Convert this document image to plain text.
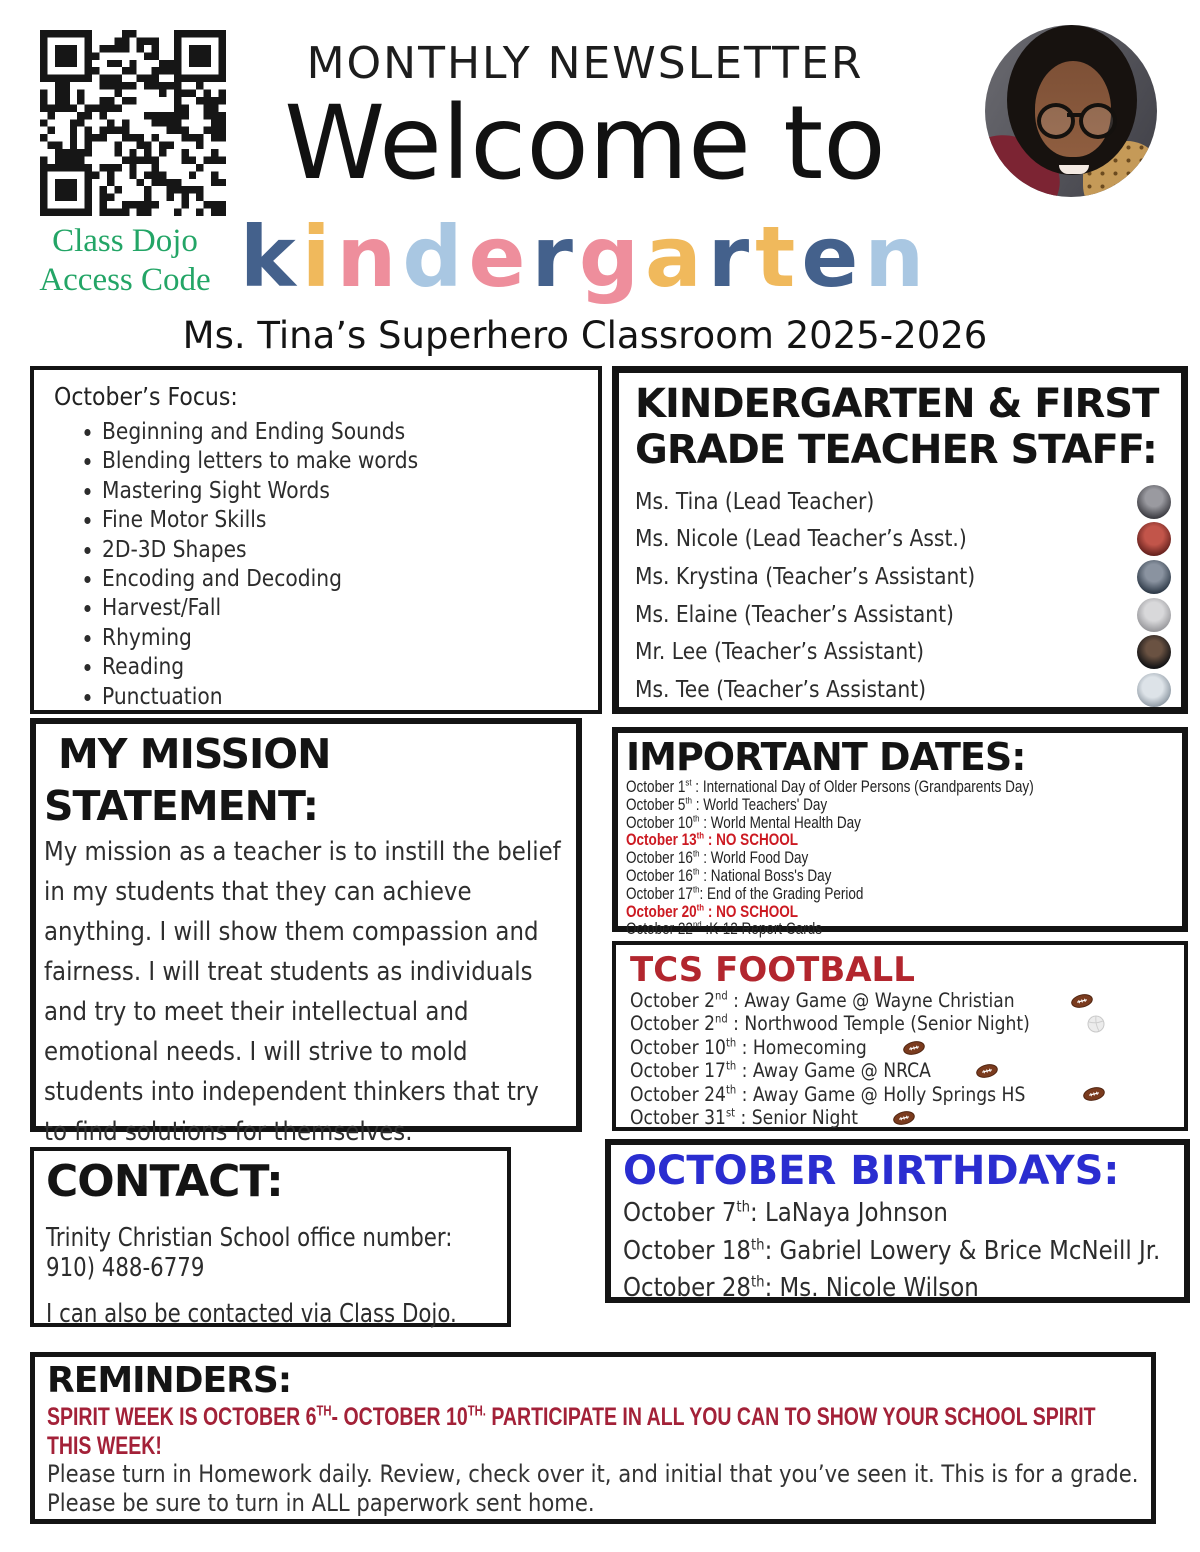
Class Dojo
Access Code
MONTHLY NEWSLETTER
Welcome to
kindergarten
Ms. Tina’s Superhero Classroom 2025-2026
October’s Focus:
• Beginning and Ending Sounds
• Blending letters to make words
• Mastering Sight Words
• Fine Motor Skills
• 2D-3D Shapes
• Encoding and Decoding
• Harvest/Fall
• Rhyming
• Reading
• Punctuation
KINDERGARTEN & FIRST
GRADE TEACHER STAFF:
Ms. Tina (Lead Teacher)
Ms. Nicole (Lead Teacher’s Asst.)
Ms. Krystina (Teacher’s Assistant)
Ms. Elaine (Teacher’s Assistant)
Mr. Lee (Teacher’s Assistant)
Ms. Tee (Teacher’s Assistant)
MY MISSION STATEMENT:
My mission as a teacher is to instill the belief in my students that they can achieve anything. I will show them compassion and fairness. I will treat students as individuals and try to meet their intellectual and emotional needs. I will strive to mold students into independent thinkers that try to find solutions for themselves.
IMPORTANT DATES:
October 1st : International Day of Older Persons (Grandparents Day)
October 5th : World Teachers' Day
October 10th : World Mental Health Day
October 13th : NO SCHOOL
October 16th : World Food Day
October 16th : National Boss's Day
October 17th: End of the Grading Period
October 20th : NO SCHOOL
October 22nd :K-12 Report Cards
TCS FOOTBALL
October 2nd : Away Game @ Wayne Christian
October 2nd : Northwood Temple (Senior Night)
October 10th : Homecoming
October 17th : Away Game @ NRCA
October 24th : Away Game @ Holly Springs HS
October 31st : Senior Night
CONTACT:
Trinity Christian School office number:
910) 488-6779
I can also be contacted via Class Dojo.
OCTOBER BIRTHDAYS:
October 7th: LaNaya Johnson
October 18th: Gabriel Lowery & Brice McNeill Jr.
October 28th: Ms. Nicole Wilson
REMINDERS:
SPIRIT WEEK IS OCTOBER 6TH- OCTOBER $10^{TH.}$ PARTICIPATE IN ALL YOU CAN TO SHOW YOUR SCHOOL SPIRIT THIS WEEK!
Please turn in Homework daily. Review, check over it, and initial that you’ve seen it. This is for a grade.
Please be sure to turn in ALL paperwork sent home.
